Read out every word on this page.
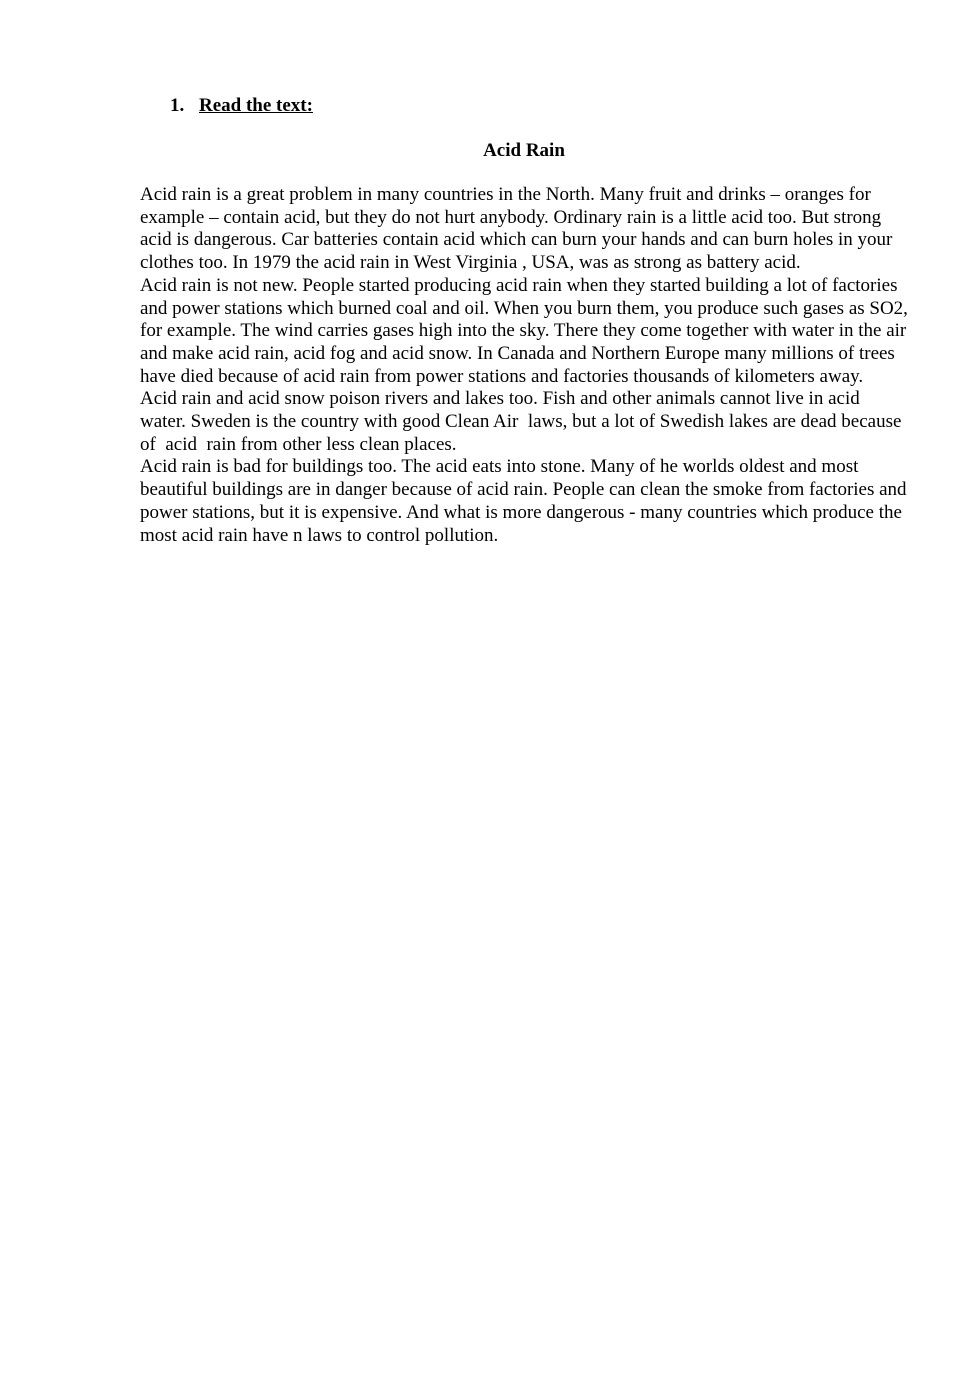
1. Read the text:
Acid Rain

Acid rain is a great problem in many countries in the North. Many fruit and drinks – oranges for example – contain acid, but they do not hurt anybody. Ordinary rain is a little acid too. But strong acid is dangerous. Car batteries contain acid which can burn your hands and can burn holes in your clothes too. In 1979 the acid rain in West Virginia , USA, was as strong as battery acid.

Acid rain is not new. People started producing acid rain when they started building a lot of factories and power stations which burned coal and oil. When you burn them, you produce such gases as SO2, for example. The wind carries gases high into the sky. There they come together with water in the air and make acid rain, acid fog and acid snow. In Canada and Northern Europe many millions of trees have died because of acid rain from power stations and factories thousands of kilometers away.

Acid rain and acid snow poison rivers and lakes too. Fish and other animals cannot live in acid water. Sweden is the country with good Clean Air  laws, but a lot of Swedish lakes are dead because of  acid  rain from other less clean places.

Acid rain is bad for buildings too. The acid eats into stone. Many of he worlds oldest and most beautiful buildings are in danger because of acid rain. People can clean the smoke from factories and power stations, but it is expensive. And what is more dangerous - many countries which produce the most acid rain have n laws to control pollution.
